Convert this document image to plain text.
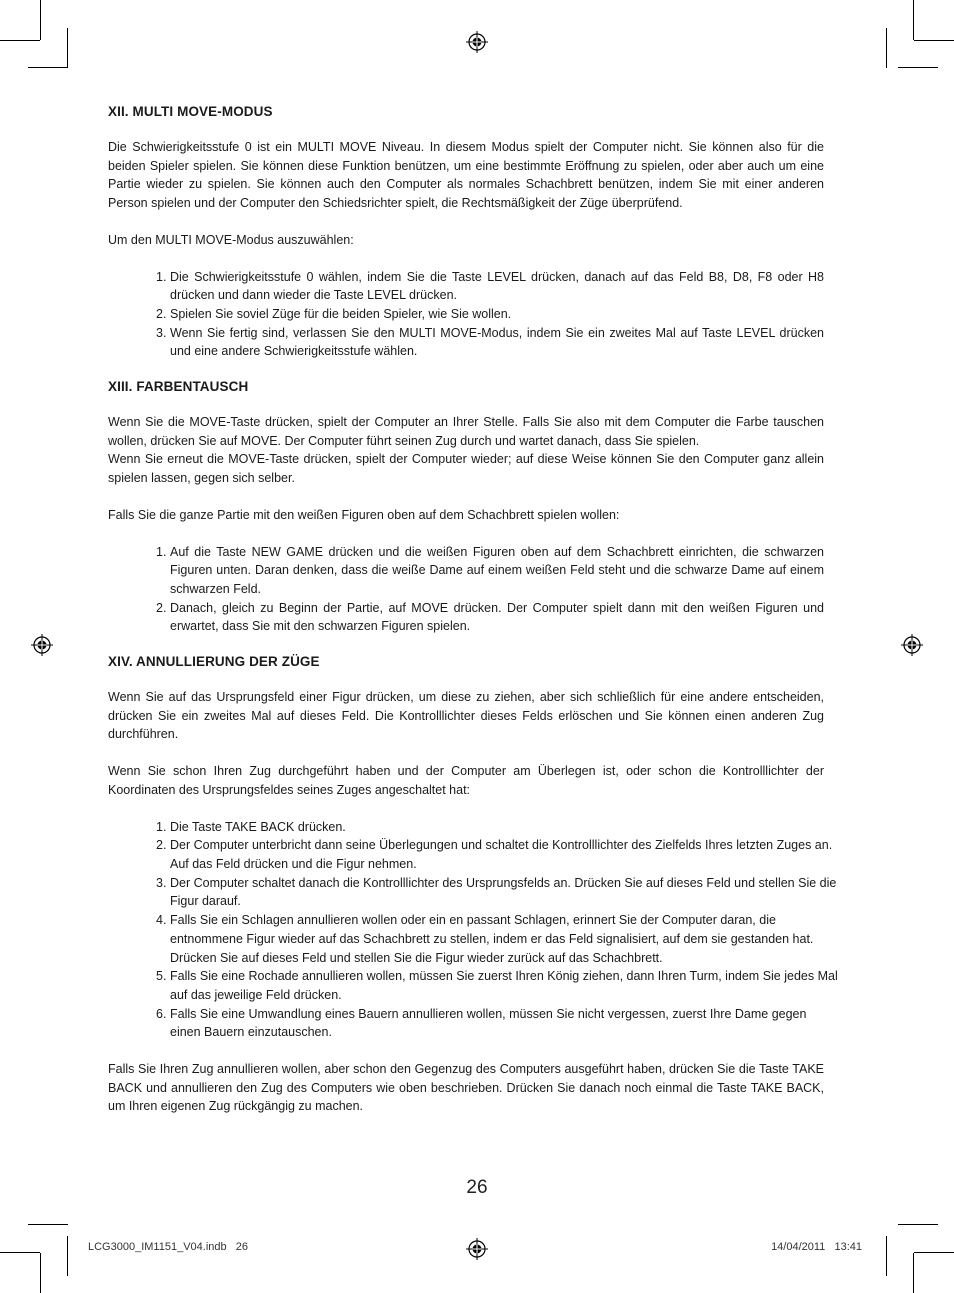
XII. MULTI MOVE-MODUS

Die Schwierigkeitsstufe 0 ist ein MULTI MOVE Niveau. In diesem Modus spielt der Computer nicht. Sie können also für die beiden Spieler spielen. Sie können diese Funktion benützen, um eine bestimmte Eröffnung zu spielen, oder aber auch um eine Partie wieder zu spielen. Sie können auch den Computer als normales Schachbrett benützen, indem Sie mit einer anderen Person spielen und der Computer den Schiedsrichter spielt, die Rechtsmäßigkeit der Züge überprüfend.

Um den MULTI MOVE-Modus auszuwählen:

1. Die Schwierigkeitsstufe 0 wählen, indem Sie die Taste LEVEL drücken, danach auf das Feld B8, D8, F8 oder H8 drücken und dann wieder die Taste LEVEL drücken.
2. Spielen Sie soviel Züge für die beiden Spieler, wie Sie wollen.
3. Wenn Sie fertig sind, verlassen Sie den MULTI MOVE-Modus, indem Sie ein zweites Mal auf Taste LEVEL drücken und eine andere Schwierigkeitsstufe wählen.
XIII. FARBENTAUSCH

Wenn Sie die MOVE-Taste drücken, spielt der Computer an Ihrer Stelle. Falls Sie also mit dem Computer die Farbe tauschen wollen, drücken Sie auf MOVE. Der Computer führt seinen Zug durch und wartet danach, dass Sie spielen.

Wenn Sie erneut die MOVE-Taste drücken, spielt der Computer wieder; auf diese Weise können Sie den Computer ganz allein spielen lassen, gegen sich selber.

Falls Sie die ganze Partie mit den weißen Figuren oben auf dem Schachbrett spielen wollen:

1. Auf die Taste NEW GAME drücken und die weißen Figuren oben auf dem Schachbrett einrichten, die schwarzen Figuren unten. Daran denken, dass die weiße Dame auf einem weißen Feld steht und die schwarze Dame auf einem schwarzen Feld.
2. Danach, gleich zu Beginn der Partie, auf MOVE drücken. Der Computer spielt dann mit den weißen Figuren und erwartet, dass Sie mit den schwarzen Figuren spielen.
XIV. ANNULLIERUNG DER ZÜGE

Wenn Sie auf das Ursprungsfeld einer Figur drücken, um diese zu ziehen, aber sich schließlich für eine andere entscheiden, drücken Sie ein zweites Mal auf dieses Feld. Die Kontrolllichter dieses Felds erlöschen und Sie können einen anderen Zug durchführen.

Wenn Sie schon Ihren Zug durchgeführt haben und der Computer am Überlegen ist, oder schon die Kontrolllichter der Koordinaten des Ursprungsfeldes seines Zuges angeschaltet hat:

1. Die Taste TAKE BACK drücken.
2. Der Computer unterbricht dann seine Überlegungen und schaltet die Kontrolllichter des Zielfelds Ihres letzten Zuges an. Auf das Feld drücken und die Figur nehmen.
3. Der Computer schaltet danach die Kontrolllichter des Ursprungsfelds an. Drücken Sie auf dieses Feld und stellen Sie die Figur darauf.
4. Falls Sie ein Schlagen annullieren wollen oder ein en passant Schlagen, erinnert Sie der Computer daran, die entnommene Figur wieder auf das Schachbrett zu stellen, indem er das Feld signalisiert, auf dem sie gestanden hat. Drücken Sie auf dieses Feld und stellen Sie die Figur wieder zurück auf das Schachbrett.
5. Falls Sie eine Rochade annullieren wollen, müssen Sie zuerst Ihren König ziehen, dann Ihren Turm, indem Sie jedes Mal auf das jeweilige Feld drücken.
6. Falls Sie eine Umwandlung eines Bauern annullieren wollen, müssen Sie nicht vergessen, zuerst Ihre Dame gegen einen Bauern einzutauschen.

Falls Sie Ihren Zug annullieren wollen, aber schon den Gegenzug des Computers ausgeführt haben, drücken Sie die Taste TAKE BACK und annullieren den Zug des Computers wie oben beschrieben. Drücken Sie danach noch einmal die Taste TAKE BACK, um Ihren eigenen Zug rückgängig zu machen.

26
LCG3000_IM1151_V04.indb   26	14/04/2011   13:41
